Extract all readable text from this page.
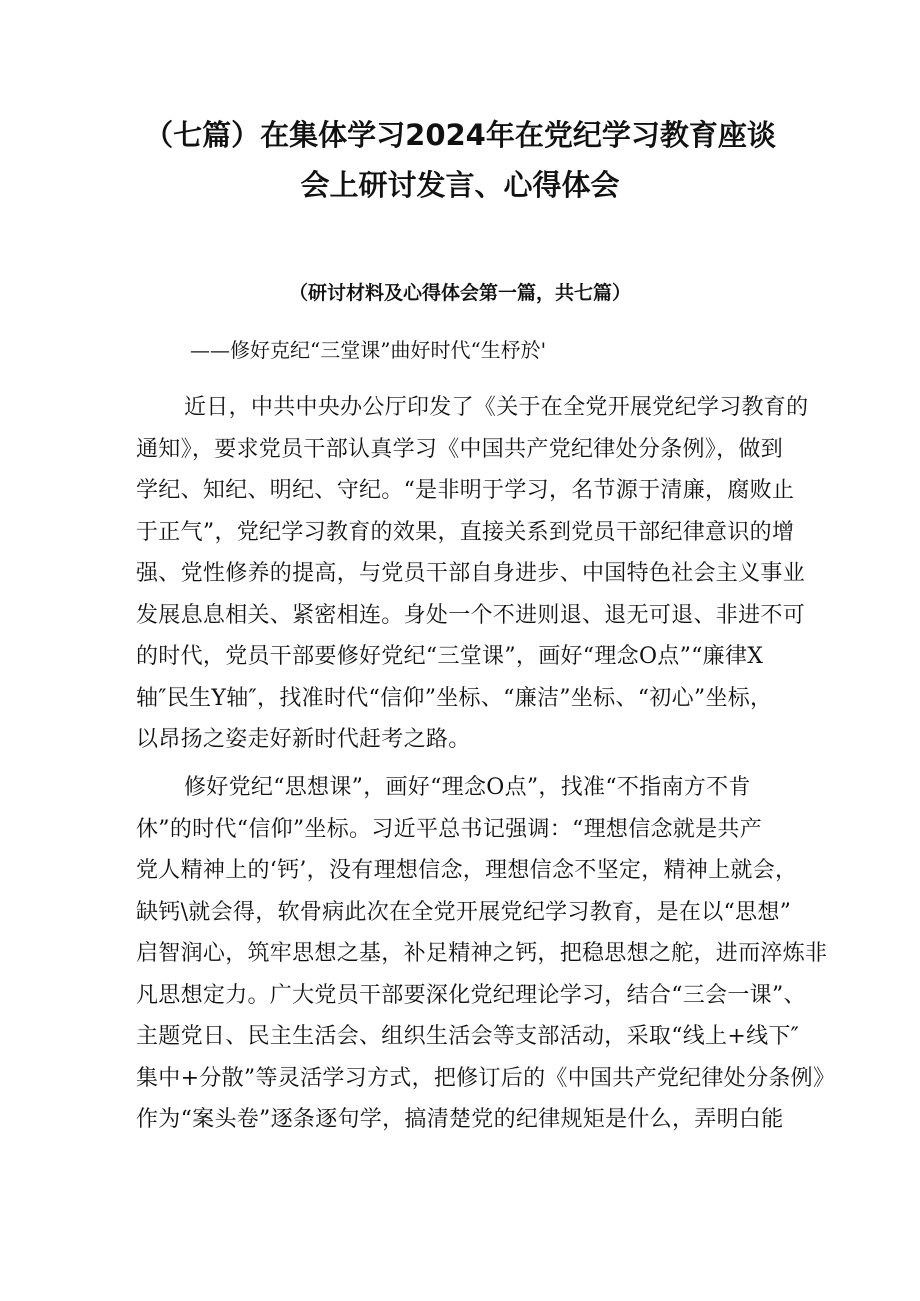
（七篇）在集体学习2024年在党纪学习教育座谈
会上研讨发言、心得体会
（研讨材料及心得体会第一篇，共七篇）
——修好克纪“三堂课”曲好时代“生杼於'
近日，中共中央办公厅印发了《关于在全党开展党纪学习教育的
通知》，要求党员干部认真学习《中国共产党纪律处分条例》，做到
学纪、知纪、明纪、守纪。“是非明于学习，名节源于清廉，腐败止
于正气”，党纪学习教育的效果，直接关系到党员干部纪律意识的增
强、党性修养的提高，与党员干部自身进步、中国特色社会主义事业
发展息息相关、紧密相连。身处一个不进则退、退无可退、非进不可
的时代，党员干部要修好党纪“三堂课”，画好“理念O点”“廉律X
轴″民生Y轴″，找准时代“信仰”坐标、“廉洁”坐标、“初心”坐标，
以昂扬之姿走好新时代赶考之路。
修好党纪“思想课”，画好“理念O点”，找准“不指南方不肯
休”的时代“信仰”坐标。习近平总书记强调：“理想信念就是共产
党人精神上的‘钙’，没有理想信念，理想信念不坚定，精神上就会，
缺钙\就会得，软骨病此次在全党开展党纪学习教育，是在以“思想”
启智润心，筑牢思想之基，补足精神之钙，把稳思想之舵，进而淬炼非
凡思想定力。广大党员干部要深化党纪理论学习，结合“三会一课”、
主题党日、民主生活会、组织生活会等支部活动，采取“线上+线下″
集中+分散”等灵活学习方式，把修订后的《中国共产党纪律处分条例》
作为“案头卷”逐条逐句学，搞清楚党的纪律规矩是什么，弄明白能
